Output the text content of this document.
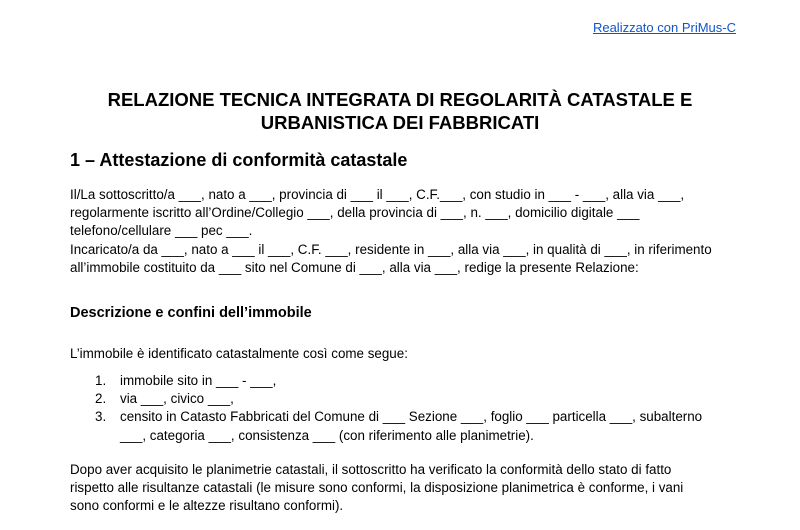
Realizzato con PriMus-C
RELAZIONE TECNICA INTEGRATA DI REGOLARITÀ CATASTALE E
URBANISTICA DEI FABBRICATI
1 – Attestazione di conformità catastale

Il/La sottoscritto/a ___, nato a ___, provincia di ___ il ___, C.F.___, con studio in ___ - ___, alla via ___,
regolarmente iscritto all’Ordine/Collegio ___, della provincia di ___, n. ___, domicilio digitale ___
telefono/cellulare ___ pec ___.
Incaricato/a da ___, nato a ___ il ___, C.F. ___, residente in ___, alla via ___, in qualità di ___, in riferimento
all’immobile costituito da ___ sito nel Comune di ___, alla via ___, redige la presente Relazione:

Descrizione e confini dell’immobile

L’immobile è identificato catastalmente così come segue:

1. immobile sito in ___ - ___,
2. via ___, civico ___,
3. censito in Catasto Fabbricati del Comune di ___ Sezione ___, foglio ___ particella ___, subalterno
___, categoria ___, consistenza ___ (con riferimento alle planimetrie).

Dopo aver acquisito le planimetrie catastali, il sottoscritto ha verificato la conformità dello stato di fatto
rispetto alle risultanze catastali (le misure sono conformi, la disposizione planimetrica è conforme, i vani
sono conformi e le altezze risultano conformi).
